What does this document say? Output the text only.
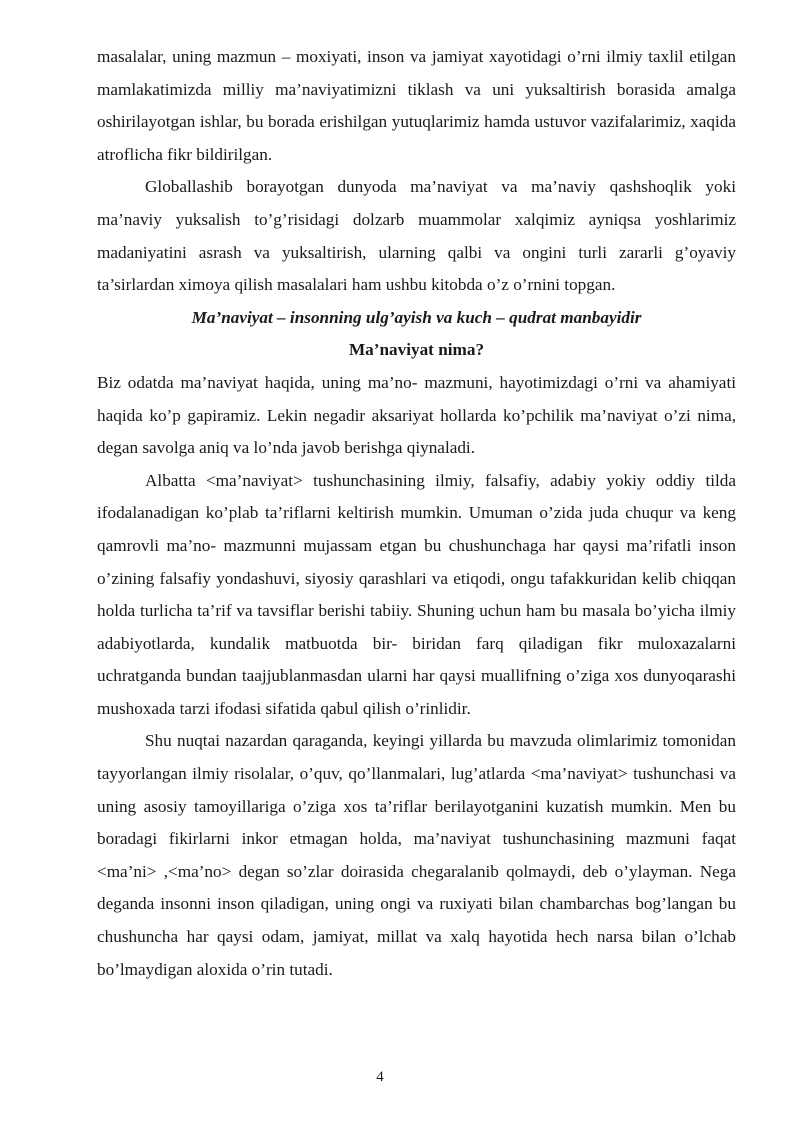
masalalar, uning mazmun – moxiyati, inson va jamiyat xayotidagi o’rni ilmiy taxlil etilgan mamlakatimizda milliy ma’naviyatimizni tiklash va uni yuksaltirish borasida amalga oshirilayotgan ishlar, bu borada erishilgan yutuqlarimiz hamda ustuvor vazifalarimiz, xaqida atroflicha fikr bildirilgan.

Globallashib borayotgan dunyoda ma’naviyat va ma’naviy qashshoqlik yoki ma’naviy yuksalish to’g’risidagi dolzarb muammolar xalqimiz ayniqsa yoshlarimiz madaniyatini asrash va yuksaltirish, ularning qalbi va ongini turli zararli g’oyaviy ta’sirlardan ximoya qilish masalalari ham ushbu kitobda o’z o’rnini topgan.

Ma’naviyat – insonning ulg’ayish va kuch – qudrat manbayidir

Ma’naviyat nima?

Biz odatda ma’naviyat haqida, uning ma’no- mazmuni, hayotimizdagi o’rni va ahamiyati haqida ko’p gapiramiz. Lekin negadir aksariyat hollarda ko’pchilik ma’naviyat o’zi nima, degan savolga aniq va lo’nda javob berishga qiynaladi.

Albatta <ma’naviyat> tushunchasining ilmiy, falsafiy, adabiy yokiy oddiy tilda ifodalanadigan ko’plab ta’riflarni keltirish mumkin. Umuman o’zida juda chuqur va keng qamrovli ma’no- mazmunni mujassam etgan bu chushunchaga har qaysi ma’rifatli inson o’zining falsafiy yondashuvi, siyosiy qarashlari va etiqodi, ongu tafakkuridan kelib chiqqan holda turlicha ta’rif va tavsiflar berishi tabiiy. Shuning uchun ham bu masala bo’yicha ilmiy adabiyotlarda, kundalik matbuotda bir- biridan farq qiladigan fikr muloxazalarni uchratganda bundan taajjublanmasdan ularni har qaysi muallifning o’ziga xos dunyoqarashi mushoxada tarzi ifodasi sifatida qabul qilish o’rinlidir.

Shu nuqtai nazardan qaraganda, keyingi yillarda bu mavzuda olimlarimiz tomonidan tayyorlangan ilmiy risolalar, o’quv, qo’llanmalari, lug’atlarda <ma’naviyat> tushunchasi va uning asosiy tamoyillariga o’ziga xos ta’riflar berilayotganini kuzatish mumkin. Men bu boradagi fikirlarni inkor etmagan holda, ma’naviyat tushunchasining mazmuni faqat <ma’ni> ,<ma’no> degan so’zlar doirasida chegaralanib qolmaydi, deb o’ylayman. Nega deganda insonni inson qiladigan, uning ongi va ruxiyati bilan chambarchas bog’langan bu chushuncha har qaysi odam, jamiyat, millat va xalq hayotida hech narsa bilan o’lchab bo’lmaydigan aloxida o’rin tutadi.

4
